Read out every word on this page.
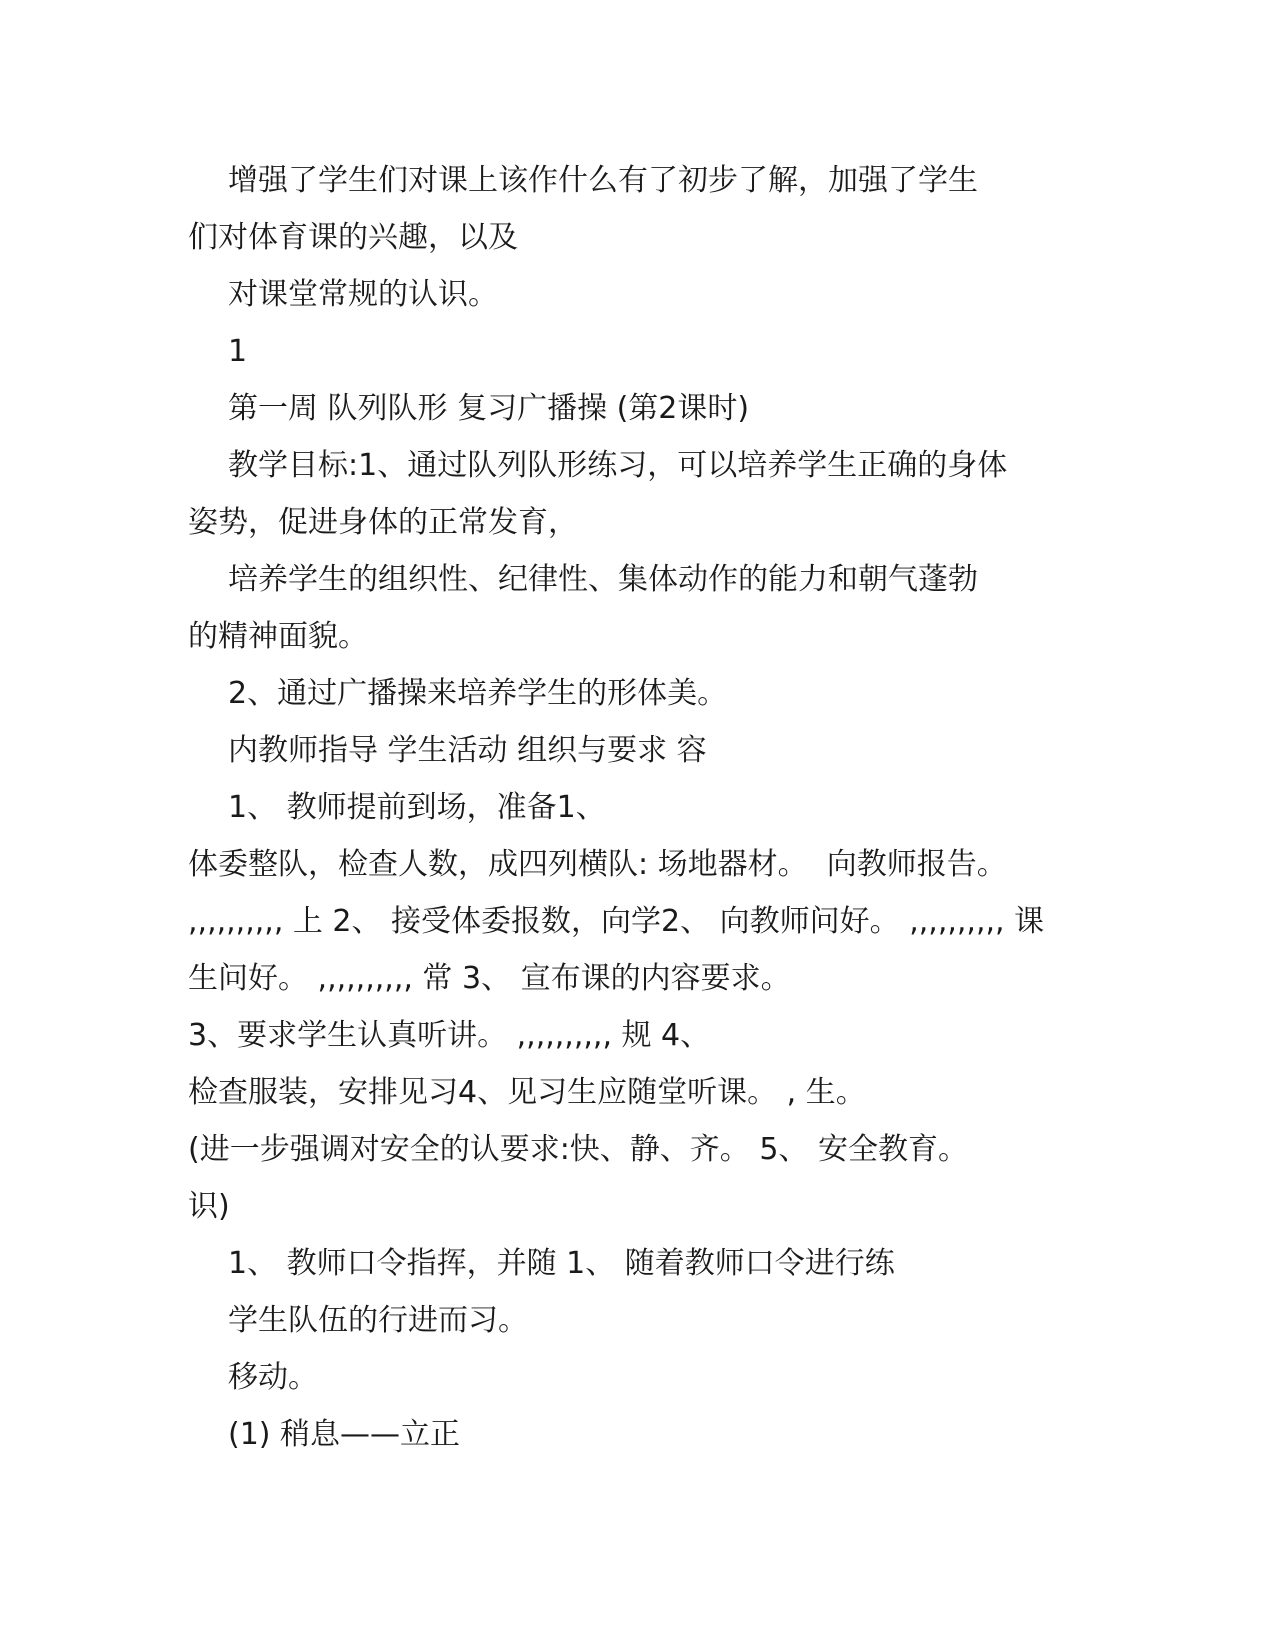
增强了学生们对课上该作什么有了初步了解，加强了学生
们对体育课的兴趣，以及
对课堂常规的认识。
1
第一周 队列队形 复习广播操 (第2课时)
教学目标:1、通过队列队形练习，可以培养学生正确的身体
姿势，促进身体的正常发育，
培养学生的组织性、纪律性、集体动作的能力和朝气蓬勃
的精神面貌。
2、通过广播操来培养学生的形体美。
内教师指导 学生活动 组织与要求 容
1、 教师提前到场，准备1、
体委整队，检查人数，成四列横队: 场地器材。  向教师报告。
,,,,,,,,,, 上 2、 接受体委报数，向学2、 向教师问好。 ,,,,,,,,,, 课
生问好。 ,,,,,,,,,, 常 3、 宣布课的内容要求。
3、要求学生认真听讲。 ,,,,,,,,,, 规 4、
检查服装，安排见习4、见习生应随堂听课。 , 生。
(进一步强调对安全的认要求:快、静、齐。 5、 安全教育。
识)
1、 教师口令指挥，并随 1、 随着教师口令进行练
学生队伍的行进而习。
移动。
(1) 稍息——立正
